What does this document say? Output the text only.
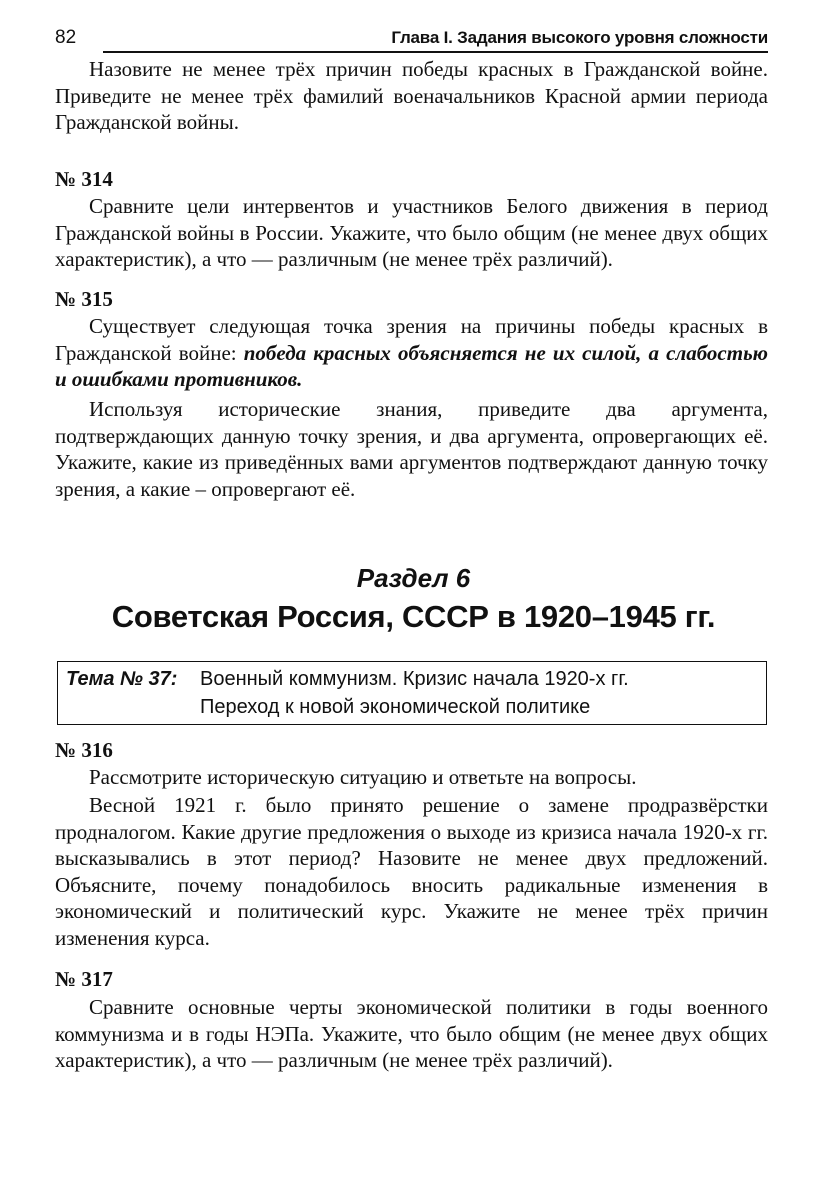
82	Глава I. Задания высокого уровня сложности

Назовите не менее трёх причин победы красных в Гражданской войне. Приведите не менее трёх фамилий военачальников Красной армии периода Гражданской войны.

№ 314

Сравните цели интервентов и участников Белого движения в период Гражданской войны в России. Укажите, что было общим (не менее двух общих характеристик), а что — различным (не менее трёх различий).

№ 315

Существует следующая точка зрения на причины победы красных в Гражданской войне: победа красных объясняется не их силой, а слабостью и ошибками противников.

Используя исторические знания, приведите два аргумента, подтверждающих данную точку зрения, и два аргумента, опровергающих её. Укажите, какие из приведённых вами аргументов подтверждают данную точку зрения, а какие – опровергают её.

Раздел 6
Советская Россия, СССР в 1920–1945 гг.
Тема № 37: Военный коммунизм. Кризис начала 1920-х гг.
Переход к новой экономической политике
№ 316

Рассмотрите историческую ситуацию и ответьте на вопросы.

Весной 1921 г. было принято решение о замене продразвёрстки продналогом. Какие другие предложения о выходе из кризиса начала 1920-х гг. высказывались в этот период? Назовите не менее двух предложений. Объясните, почему понадобилось вносить радикальные изменения в экономический и политический курс. Укажите не менее трёх причин изменения курса.

№ 317

Сравните основные черты экономической политики в годы военного коммунизма и в годы НЭПа. Укажите, что было общим (не менее двух общих характеристик), а что — различным (не менее трёх различий).
